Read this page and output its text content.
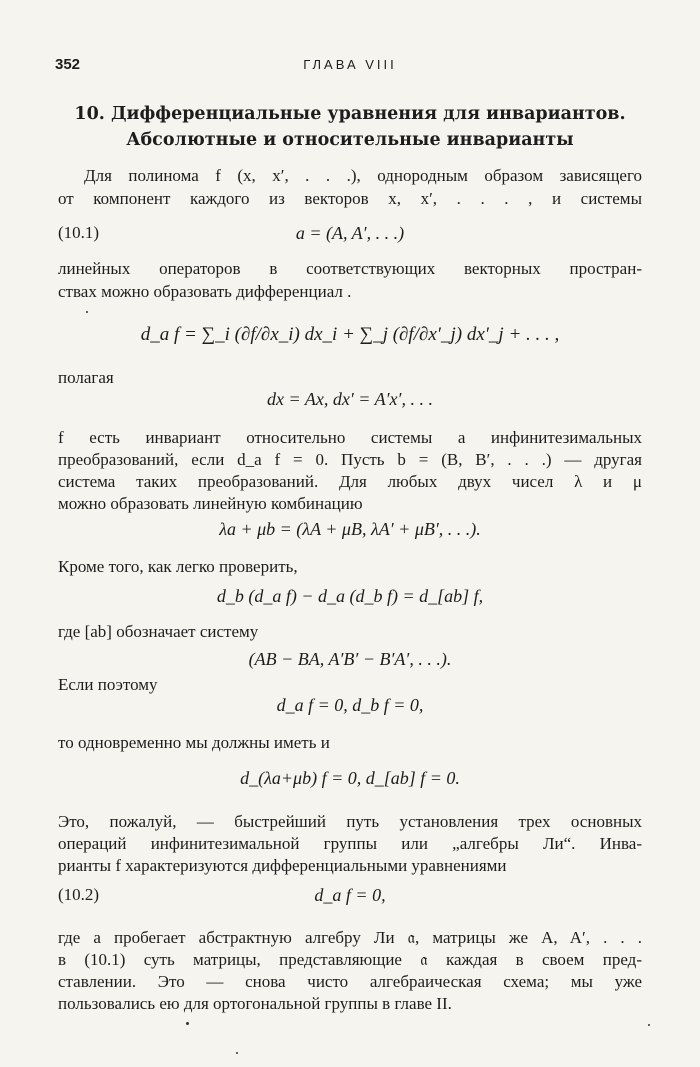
352	ГЛАВА VIII
10. Дифференциальные уравнения для инвариантов.
Абсолютные и относительные инварианты
Для полинома f (x, x′, . . .), однородным образом зависящего
от компонент каждого из векторов x, x′, . . . , и системы
(10.1)	a = (A, A′, . . .)
линейных операторов в соответствующих векторных простран-
ствах можно образовать дифференциал .
d_a f = ∑_i (∂f/∂x_i) dx_i + ∑_j (∂f/∂x′_j) dx′_j + . . . ,
полагая
dx = Ax, dx′ = A′x′, . . .
f есть инвариант относительно системы a инфинитезимальных
преобразований, если d_a f = 0. Пусть b = (B, B′, . . .) — другая
система таких преобразований. Для любых двух чисел λ и μ
можно образовать линейную комбинацию
λa + μb = (λA + μB, λA′ + μB′, . . .).
Кроме того, как легко проверить,
d_b (d_a f) − d_a (d_b f) = d_[ab] f,
где [ab] обозначает систему
(AB − BA, A′B′ − B′A′, . . .).
Если поэтому
d_a f = 0, d_b f = 0,
то одновременно мы должны иметь и
d_(λa+μb) f = 0, d_[ab] f = 0.
Это, пожалуй, — быстрейший путь установления трех основных
операций инфинитезимальной группы или „алгебры Ли“. Инва-
рианты f характеризуются дифференциальными уравнениями
(10.2)	d_a f = 0,
где a пробегает абстрактную алгебру Ли 𝔞, матрицы же A, A′, . . .
в (10.1) суть матрицы, представляющие 𝔞 каждая в своем пред-
ставлении. Это — снова чисто алгебраическая схема; мы уже
пользовались ею для ортогональной группы в главе II.
